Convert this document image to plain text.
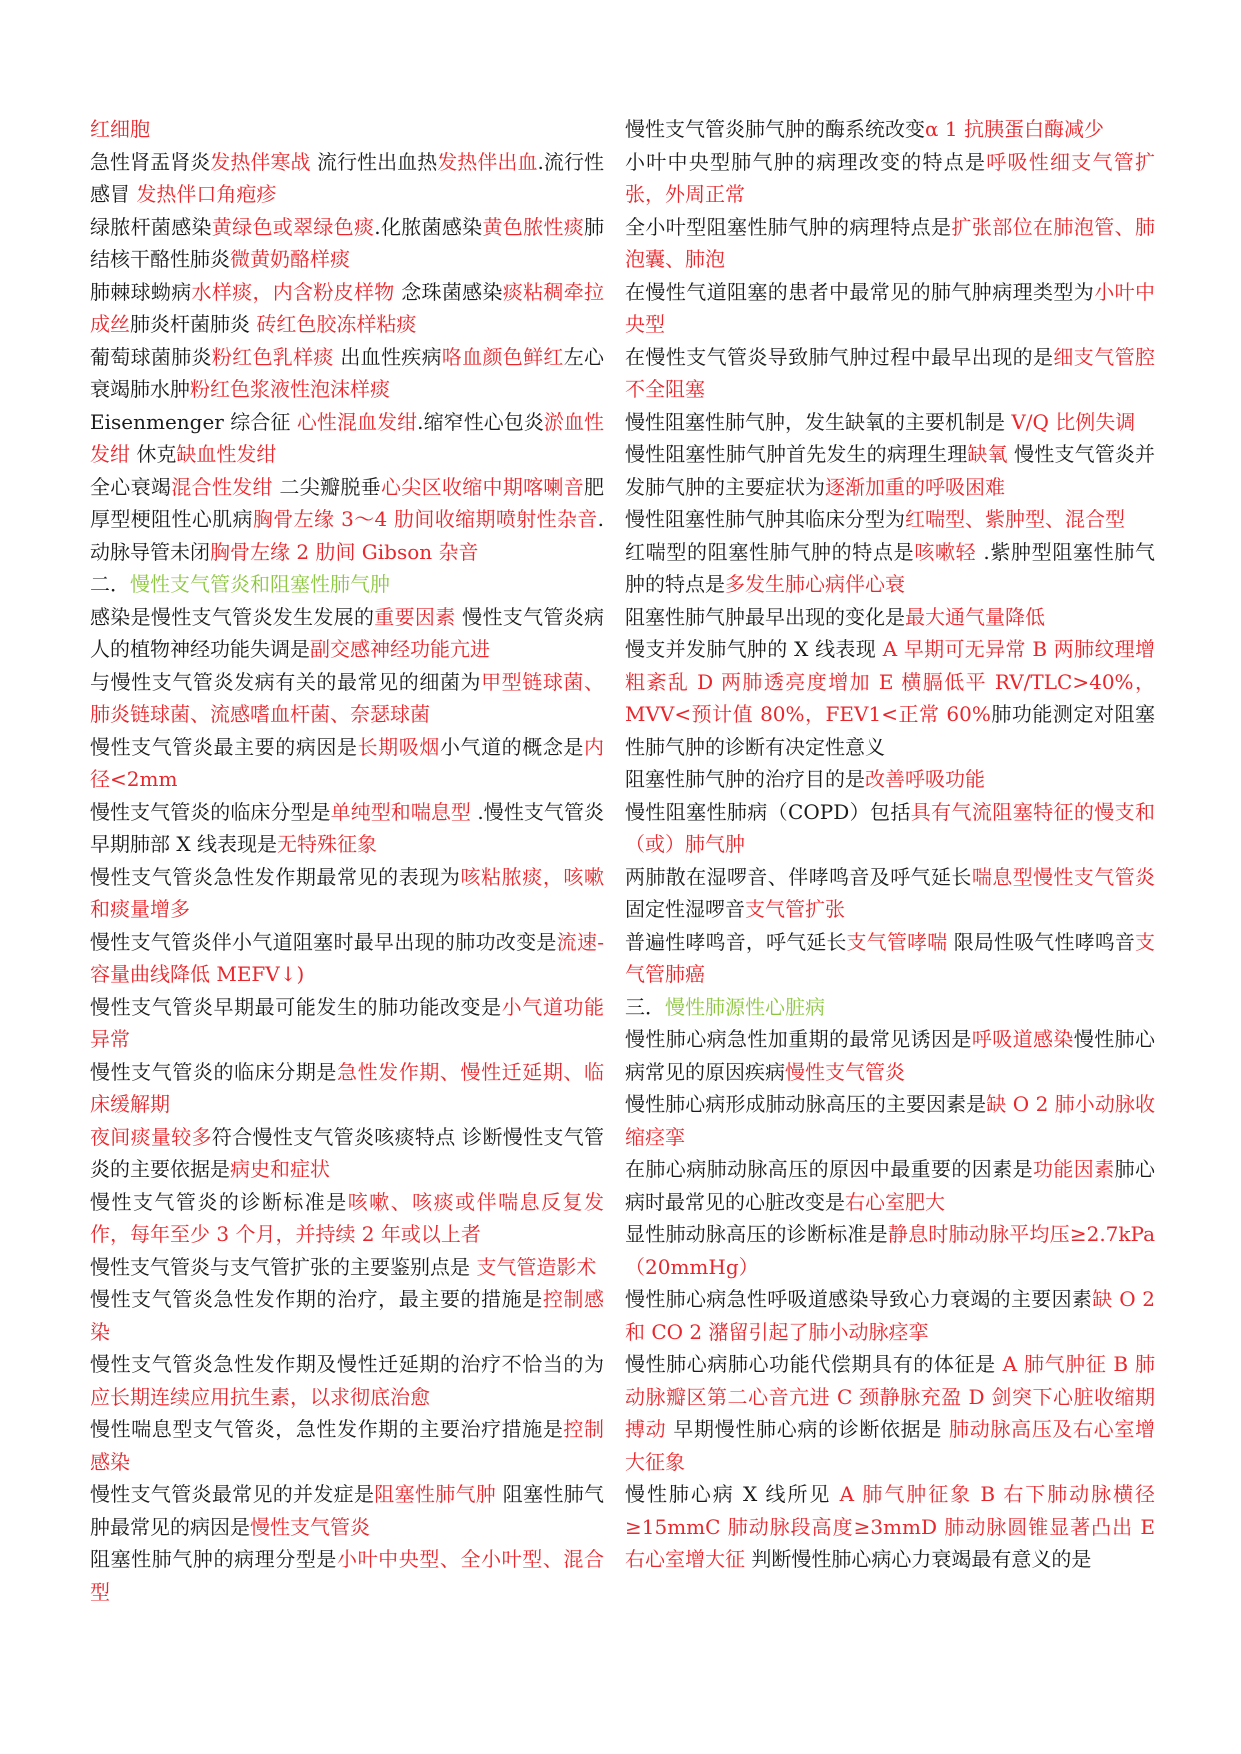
红细胞

急性肾盂肾炎发热伴寒战 流行性出血热发热伴出血.流行性感冒 发热伴口角疱疹

绿脓杆菌感染黄绿色或翠绿色痰.化脓菌感染黄色脓性痰肺结核干酪性肺炎微黄奶酪样痰

肺棘球蚴病水样痰，内含粉皮样物 念珠菌感染痰粘稠牵拉成丝肺炎杆菌肺炎 砖红色胶冻样粘痰

葡萄球菌肺炎粉红色乳样痰 出血性疾病咯血颜色鲜红左心衰竭肺水肿粉红色浆液性泡沫样痰

Eisenmenger 综合征 心性混血发绀.缩窄性心包炎淤血性发绀 休克缺血性发绀

全心衰竭混合性发绀 二尖瓣脱垂心尖区收缩中期喀喇音肥厚型梗阻性心肌病胸骨左缘 3～4 肋间收缩期喷射性杂音.动脉导管未闭胸骨左缘 2 肋间 Gibson 杂音

二．慢性支气管炎和阻塞性肺气肿

感染是慢性支气管炎发生发展的重要因素 慢性支气管炎病人的植物神经功能失调是副交感神经功能亢进

与慢性支气管炎发病有关的最常见的细菌为甲型链球菌、肺炎链球菌、流感嗜血杆菌、奈瑟球菌

慢性支气管炎最主要的病因是长期吸烟小气道的概念是内径<2mm

慢性支气管炎的临床分型是单纯型和喘息型 .慢性支气管炎早期肺部 X 线表现是无特殊征象

慢性支气管炎急性发作期最常见的表现为咳粘脓痰，咳嗽和痰量增多

慢性支气管炎伴小气道阻塞时最早出现的肺功改变是流速-容量曲线降低 MEFV↓)

慢性支气管炎早期最可能发生的肺功能改变是小气道功能异常

慢性支气管炎的临床分期是急性发作期、慢性迁延期、临床缓解期

夜间痰量较多符合慢性支气管炎咳痰特点 诊断慢性支气管炎的主要依据是病史和症状

慢性支气管炎的诊断标准是咳嗽、咳痰或伴喘息反复发作，每年至少 3 个月，并持续 2 年或以上者

慢性支气管炎与支气管扩张的主要鉴别点是 支气管造影术

慢性支气管炎急性发作期的治疗，最主要的措施是控制感染

慢性支气管炎急性发作期及慢性迁延期的治疗不恰当的为应长期连续应用抗生素，以求彻底治愈

慢性喘息型支气管炎，急性发作期的主要治疗措施是控制感染

慢性支气管炎最常见的并发症是阻塞性肺气肿 阻塞性肺气肿最常见的病因是慢性支气管炎

阻塞性肺气肿的病理分型是小叶中央型、全小叶型、混合型

慢性支气管炎肺气肿的酶系统改变α 1 抗胰蛋白酶减少

小叶中央型肺气肿的病理改变的特点是呼吸性细支气管扩张，外周正常

全小叶型阻塞性肺气肿的病理特点是扩张部位在肺泡管、肺泡囊、肺泡

在慢性气道阻塞的患者中最常见的肺气肿病理类型为小叶中央型

在慢性支气管炎导致肺气肿过程中最早出现的是细支气管腔不全阻塞

慢性阻塞性肺气肿，发生缺氧的主要机制是 V/Q 比例失调

慢性阻塞性肺气肿首先发生的病理生理缺氧 慢性支气管炎并发肺气肿的主要症状为逐渐加重的呼吸困难

慢性阻塞性肺气肿其临床分型为红喘型、紫肿型、混合型

红喘型的阻塞性肺气肿的特点是咳嗽轻 .紫肿型阻塞性肺气肿的特点是多发生肺心病伴心衰

阻塞性肺气肿最早出现的变化是最大通气量降低

慢支并发肺气肿的 X 线表现 A 早期可无异常 B 两肺纹理增粗紊乱 D 两肺透亮度增加 E 横膈低平 RV/TLC>40%，MVV<预计值 80%，FEV1<正常 60%肺功能测定对阻塞性肺气肿的诊断有决定性意义

阻塞性肺气肿的治疗目的是改善呼吸功能

慢性阻塞性肺病（COPD）包括具有气流阻塞特征的慢支和（或）肺气肿

两肺散在湿啰音、伴哮鸣音及呼气延长喘息型慢性支气管炎 固定性湿啰音支气管扩张

普遍性哮鸣音，呼气延长支气管哮喘 限局性吸气性哮鸣音支气管肺癌

三．慢性肺源性心脏病

慢性肺心病急性加重期的最常见诱因是呼吸道感染慢性肺心病常见的原因疾病慢性支气管炎

慢性肺心病形成肺动脉高压的主要因素是缺 O 2 肺小动脉收缩痉挛

在肺心病肺动脉高压的原因中最重要的因素是功能因素肺心病时最常见的心脏改变是右心室肥大

显性肺动脉高压的诊断标准是静息时肺动脉平均压≥2.7kPa（20mmHg）

慢性肺心病急性呼吸道感染导致心力衰竭的主要因素缺 O 2 和 CO 2 潴留引起了肺小动脉痉挛

慢性肺心病肺心功能代偿期具有的体征是 A 肺气肿征 B 肺动脉瓣区第二心音亢进 C 颈静脉充盈 D 剑突下心脏收缩期搏动 早期慢性肺心病的诊断依据是 肺动脉高压及右心室增大征象

慢性肺心病 X 线所见 A 肺气肿征象 B 右下肺动脉横径≥15mmC 肺动脉段高度≥3mmD 肺动脉圆锥显著凸出 E 右心室增大征 判断慢性肺心病心力衰竭最有意义的是
